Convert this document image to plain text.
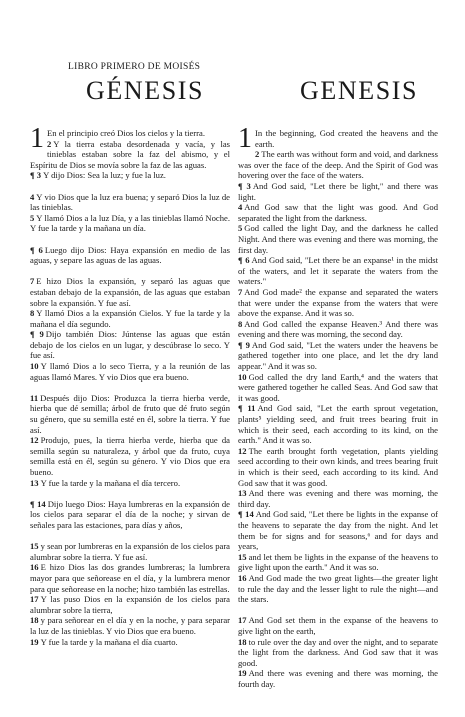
LIBRO PRIMERO DE MOISÉS
GÉNESIS	GENESIS
1 En el principio creó Dios los cielos y la tierra.
2 Y la tierra estaba desordenada y vacía, y las tinieblas estaban sobre la faz del abismo, y el Espíritu de Dios se movía sobre la faz de las aguas.
¶ 3 Y dijo Dios: Sea la luz; y fue la luz.
4 Y vio Dios que la luz era buena; y separó Dios la luz de las tinieblas.
5 Y llamó Dios a la luz Día, y a las tinieblas llamó Noche. Y fue la tarde y la mañana un día.
¶ 6 Luego dijo Dios: Haya expansión en medio de las aguas, y separe las aguas de las aguas.
7 E hizo Dios la expansión, y separó las aguas que estaban debajo de la expansión, de las aguas que estaban sobre la expansión. Y fue así.
8 Y llamó Dios a la expansión Cielos. Y fue la tarde y la mañana el día segundo.
¶ 9 Dijo también Dios: Júntense las aguas que están debajo de los cielos en un lugar, y descúbrase lo seco. Y fue así.
10 Y llamó Dios a lo seco Tierra, y a la reunión de las aguas llamó Mares. Y vio Dios que era bueno.
11 Después dijo Dios: Produzca la tierra hierba verde, hierba que dé semilla; árbol de fruto que dé fruto según su género, que su semilla esté en él, sobre la tierra. Y fue así.
12 Produjo, pues, la tierra hierba verde, hierba que da semilla según su naturaleza, y árbol que da fruto, cuya semilla está en él, según su género. Y vio Dios que era bueno.
13 Y fue la tarde y la mañana el día tercero.
¶ 14 Dijo luego Dios: Haya lumbreras en la expansión de los cielos para separar el día de la noche; y sirvan de señales para las estaciones, para días y años,
15 y sean por lumbreras en la expansión de los cielos para alumbrar sobre la tierra. Y fue así.
16 E hizo Dios las dos grandes lumbreras; la lumbrera mayor para que señorease en el día, y la lumbrera menor para que señorease en la noche; hizo también las estrellas.
17 Y las puso Dios en la expansión de los cielos para alumbrar sobre la tierra,
18 y para señorear en el día y en la noche, y para separar la luz de las tinieblas. Y vio Dios que era bueno.
19 Y fue la tarde y la mañana el día cuarto.
1 In the beginning, God created the heavens and the earth.
2 The earth was without form and void, and darkness was over the face of the deep. And the Spirit of God was hovering over the face of the waters.
¶ 3 And God said, "Let there be light," and there was light.
4 And God saw that the light was good. And God separated the light from the darkness.
5 God called the light Day, and the darkness he called Night. And there was evening and there was morning, the first day.
¶ 6 And God said, "Let there be an expanse¹ in the midst of the waters, and let it separate the waters from the waters."
7 And God made² the expanse and separated the waters that were under the expanse from the waters that were above the expanse. And it was so.
8 And God called the expanse Heaven.³ And there was evening and there was morning, the second day.
¶ 9 And God said, "Let the waters under the heavens be gathered together into one place, and let the dry land appear." And it was so.
10 God called the dry land Earth,⁴ and the waters that were gathered together he called Seas. And God saw that it was good.
¶ 11 And God said, "Let the earth sprout vegetation, plants⁵ yielding seed, and fruit trees bearing fruit in which is their seed, each according to its kind, on the earth." And it was so.
12 The earth brought forth vegetation, plants yielding seed according to their own kinds, and trees bearing fruit in which is their seed, each according to its kind. And God saw that it was good.
13 And there was evening and there was morning, the third day.
¶ 14 And God said, "Let there be lights in the expanse of the heavens to separate the day from the night. And let them be for signs and for seasons,⁶ and for days and years,
15 and let them be lights in the expanse of the heavens to give light upon the earth." And it was so.
16 And God made the two great lights—the greater light to rule the day and the lesser light to rule the night—and the stars.
17 And God set them in the expanse of the heavens to give light on the earth,
18 to rule over the day and over the night, and to separate the light from the darkness. And God saw that it was good.
19 And there was evening and there was morning, the fourth day.
